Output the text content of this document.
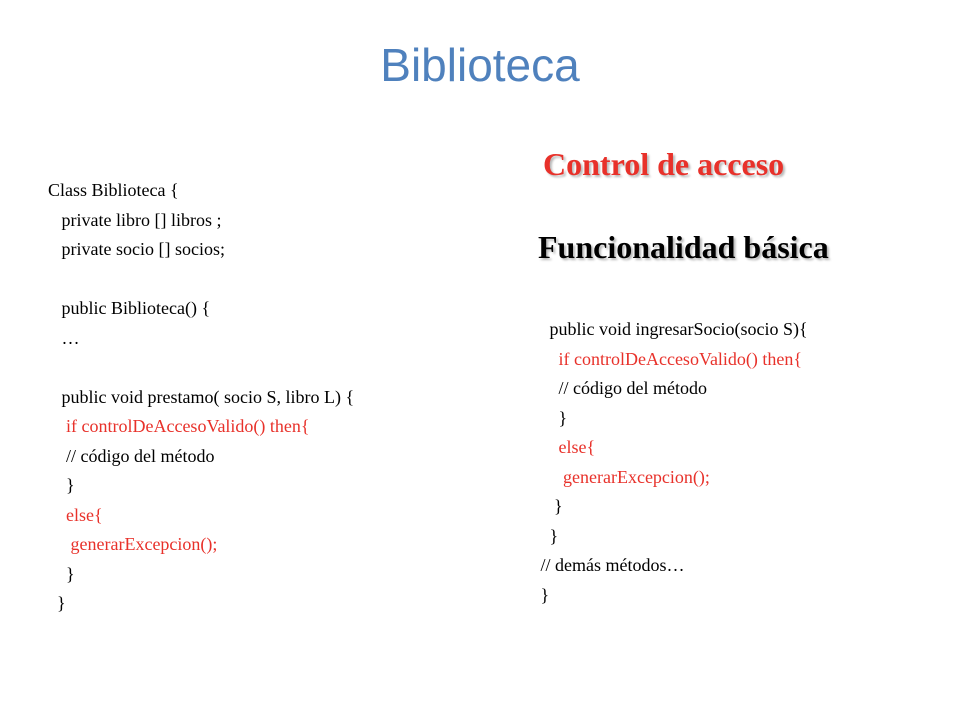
Biblioteca
Control de acceso
Funcionalidad básica
Class Biblioteca {
private libro [] libros ;
private socio [] socios;
public Biblioteca() {
…
public void prestamo( socio S, libro L) {
if controlDeAccesoValido() then{
// código del método
}
else{
generarExcepcion();
}
}
public void ingresarSocio(socio S){
if controlDeAccesoValido() then{
// código del método
}
else{
generarExcepcion();
}
}
// demás métodos…
}
